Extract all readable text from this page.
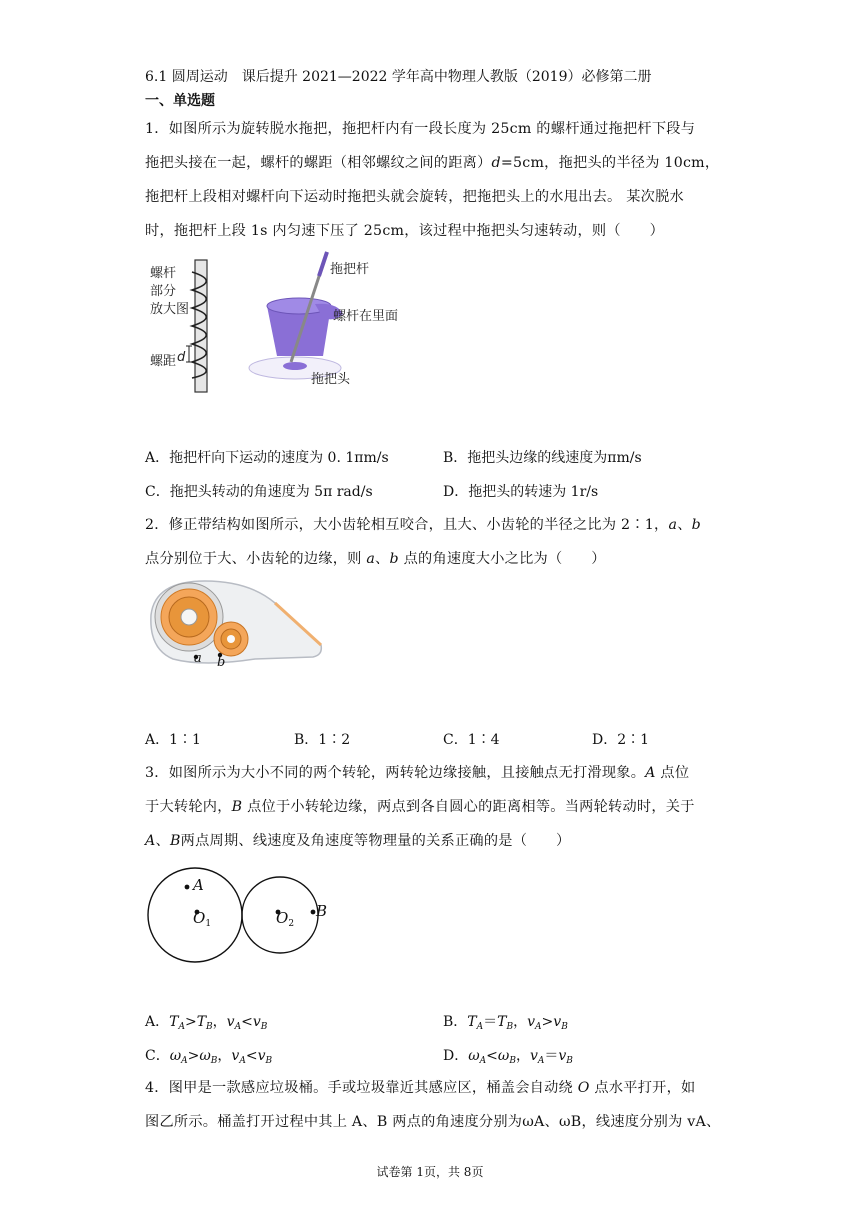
6.1 圆周运动　课后提升 2021—2022 学年高中物理人教版（2019）必修第二册
一、单选题
1．如图所示为旋转脱水拖把，拖把杆内有一段长度为 25cm 的螺杆通过拖把杆下段与
拖把头接在一起，螺杆的螺距（相邻螺纹之间的距离）d=5cm，拖把头的半径为 10cm，
拖把杆上段相对螺杆向下运动时拖把头就会旋转，把拖把头上的水甩出去。 某次脱水
时，拖把杆上段 1s 内匀速下压了 25cm，该过程中拖把头匀速转动，则（　　）
螺杆
部分
放大图
螺距 d
拖把杆
螺杆在里面
拖把头
A．拖把杆向下运动的速度为 0. 1πm/s	B．拖把头边缘的线速度为πm/s
C．拖把头转动的角速度为 5π rad/s	D．拖把头的转速为 1r/s
2．修正带结构如图所示，大小齿轮相互咬合，且大、小齿轮的半径之比为 2∶1，a、b
点分别位于大、小齿轮的边缘，则 a、b 点的角速度大小之比为（　　）
a b
A．1∶1	B．1∶2	C．1∶4	D．2∶1
3．如图所示为大小不同的两个转轮，两转轮边缘接触，且接触点无打滑现象。A 点位
于大转轮内，B 点位于小转轮边缘，两点到各自圆心的距离相等。当两轮转动时，关于
A、B两点周期、线速度及角速度等物理量的关系正确的是（　　）
A
$O_1$	$O_2$
B
A．$T_A>T_B$，$v_A<v_B$	B．$T_A=T_B$，$v_A>v_B$
C．$\omega_A>\omega_B$，$v_A<v_B$	D．$\omega_A<\omega_B$，$v_A=v_B$
4．图甲是一款感应垃圾桶。手或垃圾靠近其感应区，桶盖会自动绕 O 点水平打开，如
图乙所示。桶盖打开过程中其上 A、B 两点的角速度分别为ωA、ωB，线速度分别为 vA、
试卷第 1页，共 8页
